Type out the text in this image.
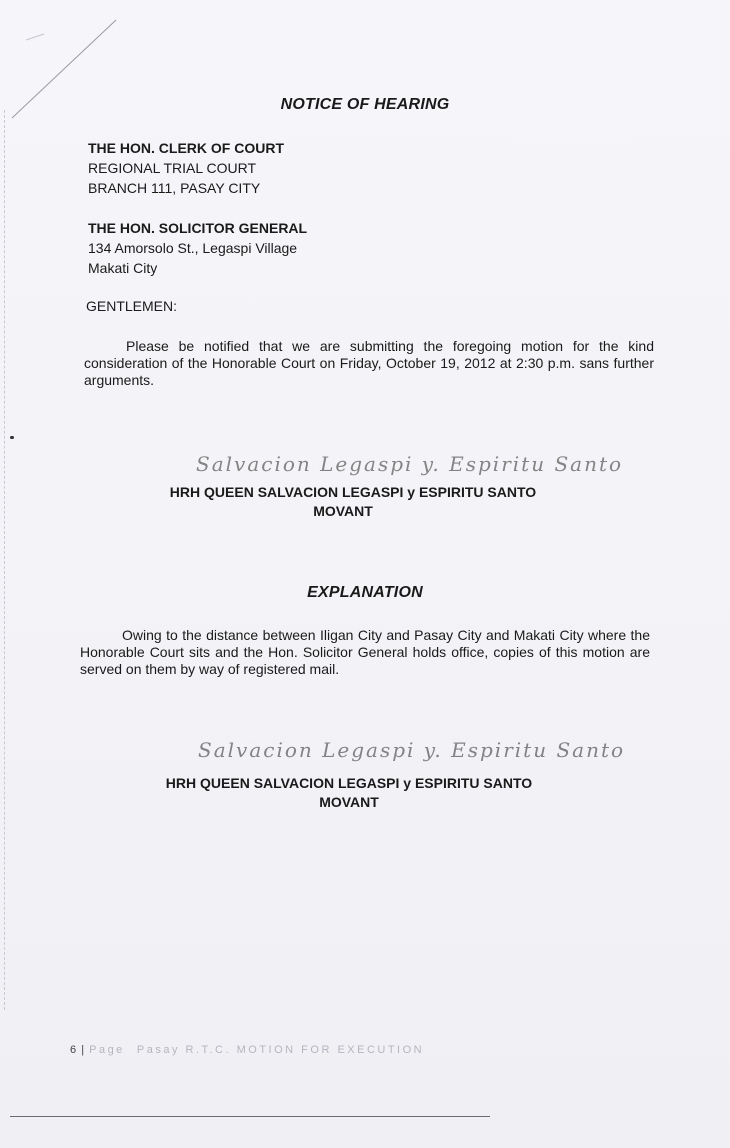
NOTICE OF HEARING
THE HON. CLERK OF COURT
REGIONAL TRIAL COURT
BRANCH 111, PASAY CITY
THE HON. SOLICITOR GENERAL
134 Amorsolo St., Legaspi Village
Makati City
GENTLEMEN:
Please be notified that we are submitting the foregoing motion for the kind consideration of the Honorable Court on Friday, October 19, 2012 at 2:30 p.m. sans further arguments.
Salvacion Legaspi y. Espiritu Santo
HRH QUEEN SALVACION LEGASPI y ESPIRITU SANTO
MOVANT
EXPLANATION
Owing to the distance between Iligan City and Pasay City and Makati City where the Honorable Court sits and the Hon. Solicitor General holds office, copies of this motion are served on them by way of registered mail.
Salvacion Legaspi y. Espiritu Santo
HRH QUEEN SALVACION LEGASPI y ESPIRITU SANTO
MOVANT
6 | Page Pasay R.T.C. MOTION FOR EXECUTION
